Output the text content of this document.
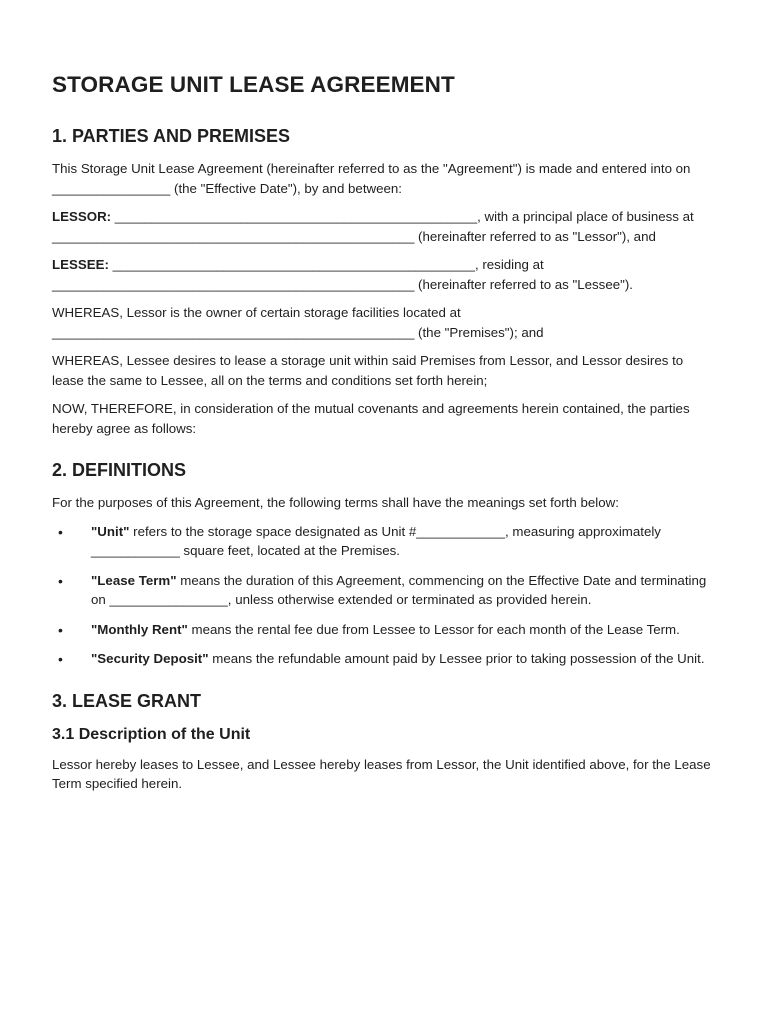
STORAGE UNIT LEASE AGREEMENT
1. PARTIES AND PREMISES

This Storage Unit Lease Agreement (hereinafter referred to as the "Agreement") is made and entered into on ________________ (the "Effective Date"), by and between:

LESSOR: _________________________________________________, with a principal place of business at _________________________________________________ (hereinafter referred to as "Lessor"), and

LESSEE: _________________________________________________, residing at _________________________________________________ (hereinafter referred to as "Lessee").

WHEREAS, Lessor is the owner of certain storage facilities located at _________________________________________________ (the "Premises"); and

WHEREAS, Lessee desires to lease a storage unit within said Premises from Lessor, and Lessor desires to lease the same to Lessee, all on the terms and conditions set forth herein;

NOW, THEREFORE, in consideration of the mutual covenants and agreements herein contained, the parties hereby agree as follows:

2. DEFINITIONS

For the purposes of this Agreement, the following terms shall have the meanings set forth below:

• "Unit" refers to the storage space designated as Unit #____________, measuring approximately ____________ square feet, located at the Premises.
• "Lease Term" means the duration of this Agreement, commencing on the Effective Date and terminating on ________________, unless otherwise extended or terminated as provided herein.
• "Monthly Rent" means the rental fee due from Lessee to Lessor for each month of the Lease Term.
• "Security Deposit" means the refundable amount paid by Lessee prior to taking possession of the Unit.
3. LEASE GRANT
3.1 Description of the Unit

Lessor hereby leases to Lessee, and Lessee hereby leases from Lessor, the Unit identified above, for the Lease Term specified herein.
